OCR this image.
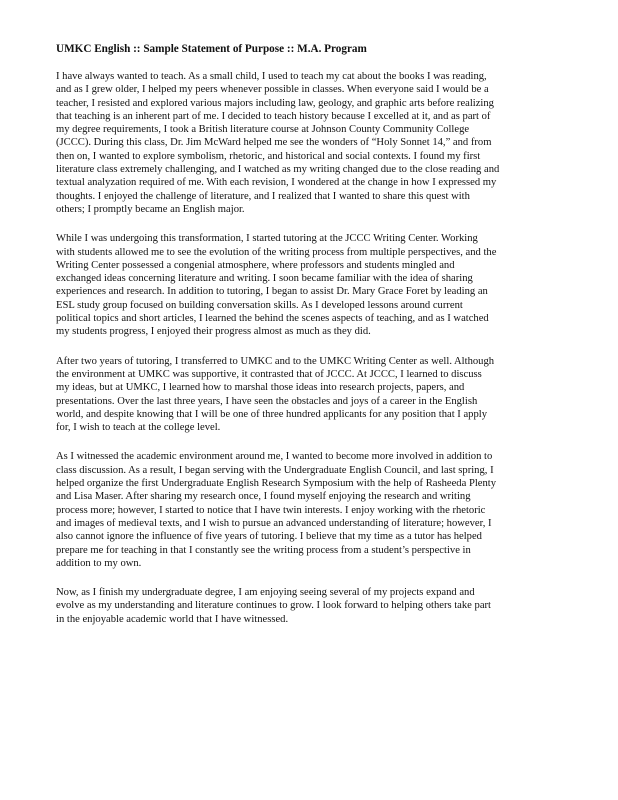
UMKC English :: Sample Statement of Purpose :: M.A. Program
I have always wanted to teach. As a small child, I used to teach my cat about the books I was reading,
and as I grew older, I helped my peers whenever possible in classes. When everyone said I would be a
teacher, I resisted and explored various majors including law, geology, and graphic arts before realizing
that teaching is an inherent part of me. I decided to teach history because I excelled at it, and as part of
my degree requirements, I took a British literature course at Johnson County Community College
(JCCC). During this class, Dr. Jim McWard helped me see the wonders of “Holy Sonnet 14,” and from
then on, I wanted to explore symbolism, rhetoric, and historical and social contexts. I found my first
literature class extremely challenging, and I watched as my writing changed due to the close reading and
textual analyzation required of me. With each revision, I wondered at the change in how I expressed my
thoughts. I enjoyed the challenge of literature, and I realized that I wanted to share this quest with
others; I promptly became an English major.
While I was undergoing this transformation, I started tutoring at the JCCC Writing Center. Working
with students allowed me to see the evolution of the writing process from multiple perspectives, and the
Writing Center possessed a congenial atmosphere, where professors and students mingled and
exchanged ideas concerning literature and writing. I soon became familiar with the idea of sharing
experiences and research. In addition to tutoring, I began to assist Dr. Mary Grace Foret by leading an
ESL study group focused on building conversation skills. As I developed lessons around current
political topics and short articles, I learned the behind the scenes aspects of teaching, and as I watched
my students progress, I enjoyed their progress almost as much as they did.
After two years of tutoring, I transferred to UMKC and to the UMKC Writing Center as well. Although
the environment at UMKC was supportive, it contrasted that of JCCC. At JCCC, I learned to discuss
my ideas, but at UMKC, I learned how to marshal those ideas into research projects, papers, and
presentations. Over the last three years, I have seen the obstacles and joys of a career in the English
world, and despite knowing that I will be one of three hundred applicants for any position that I apply
for, I wish to teach at the college level.
As I witnessed the academic environment around me, I wanted to become more involved in addition to
class discussion. As a result, I began serving with the Undergraduate English Council, and last spring, I
helped organize the first Undergraduate English Research Symposium with the help of Rasheeda Plenty
and Lisa Maser. After sharing my research once, I found myself enjoying the research and writing
process more; however, I started to notice that I have twin interests. I enjoy working with the rhetoric
and images of medieval texts, and I wish to pursue an advanced understanding of literature; however, I
also cannot ignore the influence of five years of tutoring. I believe that my time as a tutor has helped
prepare me for teaching in that I constantly see the writing process from a student’s perspective in
addition to my own.
Now, as I finish my undergraduate degree, I am enjoying seeing several of my projects expand and
evolve as my understanding and literature continues to grow. I look forward to helping others take part
in the enjoyable academic world that I have witnessed.
